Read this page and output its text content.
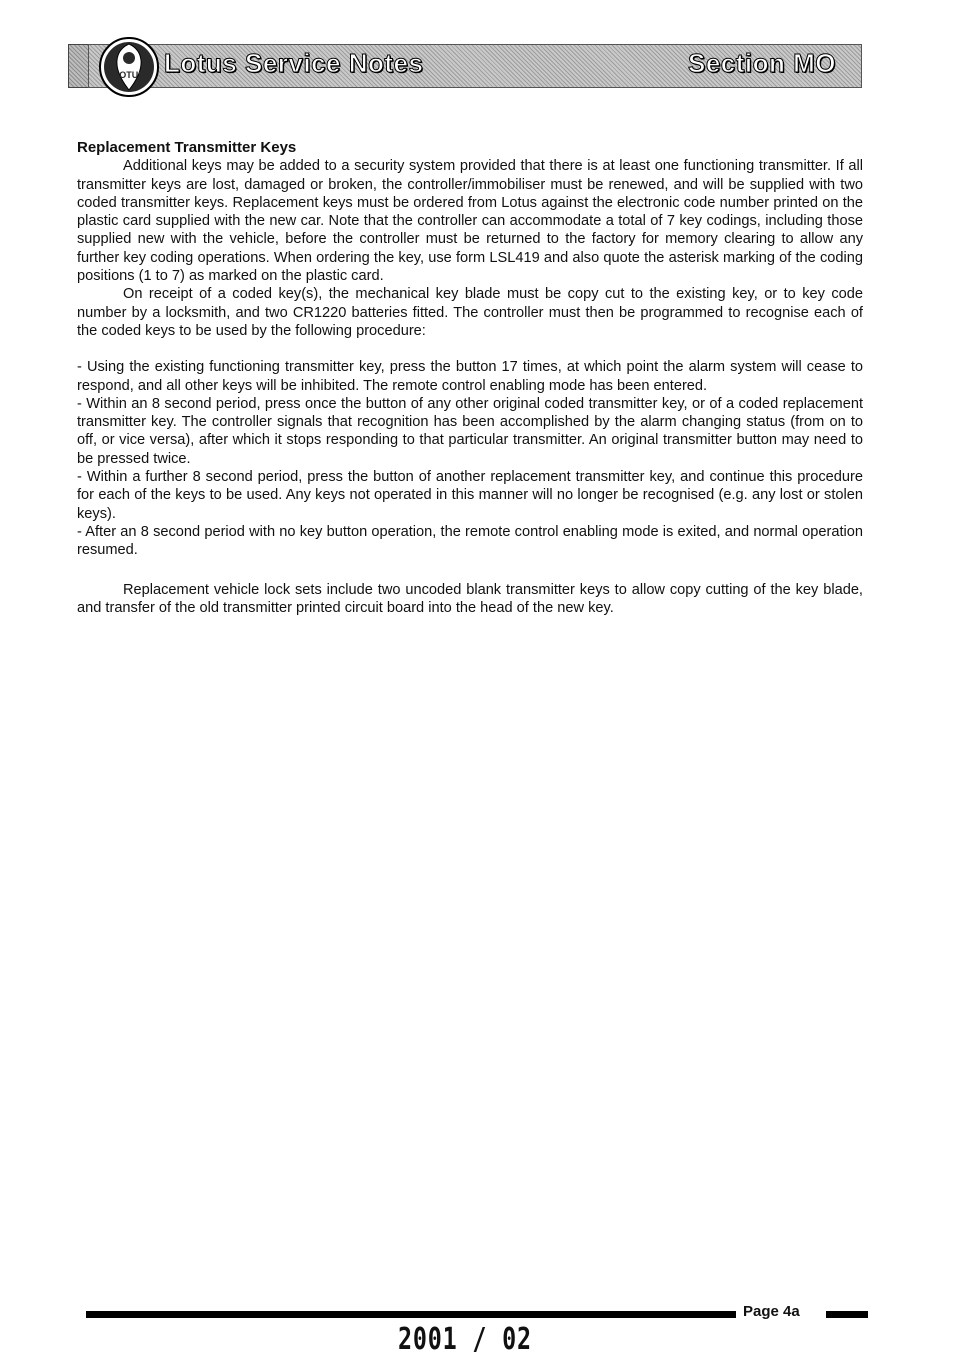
LOTUS Lotus Service Notes	Section MO

Replacement Transmitter Keys

Additional keys may be added to a security system provided that there is at least one functioning transmitter. If all transmitter keys are lost, damaged or broken, the controller/immobiliser must be renewed, and will be supplied with two coded transmitter keys. Replacement keys must be ordered from Lotus against the electronic code number printed on the plastic card supplied with the new car. Note that the controller can accommodate a total of 7 key codings, including those supplied new with the vehicle, before the controller must be returned to the factory for memory clearing to allow any further key coding operations. When ordering the key, use form LSL419 and also quote the asterisk marking of the coding positions (1 to 7) as marked on the plastic card.

On receipt of a coded key(s), the mechanical key blade must be copy cut to the existing key, or to key code number by a locksmith, and two CR1220 batteries fitted. The controller must then be programmed to recognise each of the coded keys to be used by the following procedure:

- Using the existing functioning transmitter key, press the button 17 times, at which point the alarm system will cease to respond, and all other keys will be inhibited. The remote control enabling mode has been entered.

- Within an 8 second period, press once the button of any other original coded transmitter key, or of a coded replacement transmitter key. The controller signals that recognition has been accomplished by the alarm changing status (from on to off, or vice versa), after which it stops responding to that particular transmitter. An original transmitter button may need to be pressed twice.

- Within a further 8 second period, press the button of another replacement transmitter key, and continue this procedure for each of the keys to be used. Any keys not operated in this manner will no longer be recognised (e.g. any lost or stolen keys).

- After an 8 second period with no key button operation, the remote control enabling mode is exited, and normal operation resumed.

Replacement vehicle lock sets include two uncoded blank transmitter keys to allow copy cutting of the key blade, and transfer of the old transmitter printed circuit board into the head of the new key.

Page 4a
2001 / 02
